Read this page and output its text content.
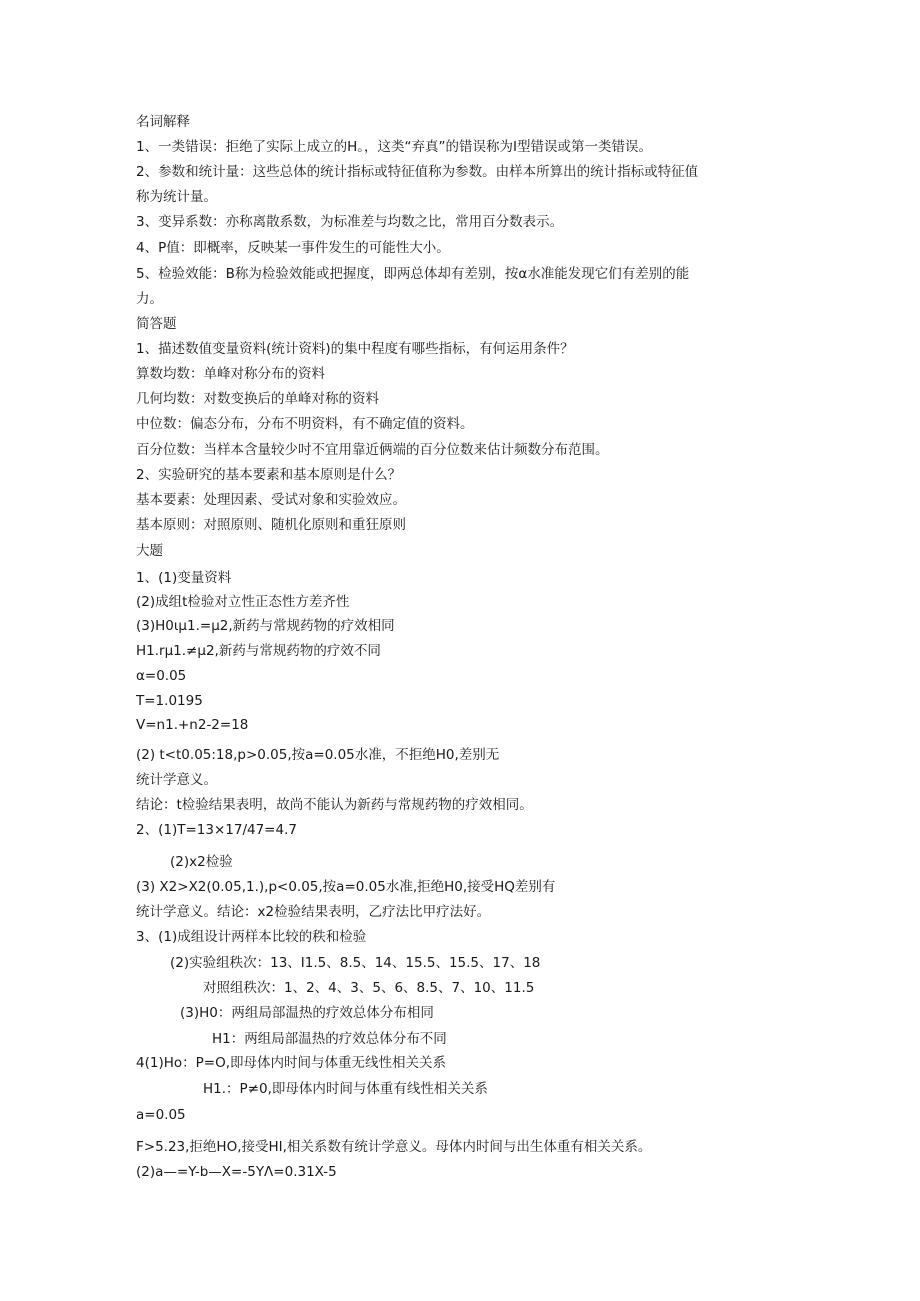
名词解释

1、一类错误：拒绝了实际上成立的H。，这类“弃真”的错误称为I型错误或第一类错误。

2、参数和统计量：这些总体的统计指标或特征值称为参数。由样本所算出的统计指标或特征值

称为统计量。

3、变异系数：亦称离散系数，为标准差与均数之比，常用百分数表示。

4、P值：即概率，反映某一事件发生的可能性大小。

5、检验效能：B称为检验效能或把握度，即两总体却有差别，按α水准能发现它们有差别的能

力。

简答题

1、描述数值变量资料(统计资料)的集中程度有哪些指标，有何运用条件？

算数均数：单峰对称分布的资料

几何均数：对数变换后的单峰对称的资料

中位数：偏态分布，分布不明资料，有不确定值的资料。

百分位数：当样本含量较少吋不宜用靠近俩端的百分位数来估计频数分布范围。

2、实验研究的基本要素和基本原则是什么？

基本要素：处理因素、受试对象和实验效应。

基本原则：对照原则、随机化原则和重狂原则

大题

1、(1)变量资料

(2)成组t检验对立性正态性方差齐性

(3)H0ιμ1.=μ2,新药与常规药物的疗效相同

H1.rμ1.≠μ2,新药与常规药物的疗效不同

α=0.05

T=1.0195

V=n1.+n2-2=18

(2) t<t0.05:18,p>0.05,按a=0.05水准，不拒绝H0,差别无

统计学意义。

结论：t检验结果表明，故尚不能认为新药与常规药物的疗效相同。

2、(1)T=13×17/47=4.7

(2)x2检验

(3) X2>X2(0.05,1.),p<0.05,按a=0.05水准,拒绝H0,接受HQ差别有

统计学意义。结论：x2检验结果表明，乙疗法比甲疗法好。

3、(1)成组设计两样本比较的秩和检验

(2)实验组秩次：13、I1.5、8.5、14、15.5、15.5、17、18

对照组秩次：1、2、4、3、5、6、8.5、7、10、11.5

(3)H0：两组局部温热的疗效总体分布相同

H1：两组局部温热的疗效总体分布不同

4(1)Ho：P=O,即母体内时间与体重无线性相关关系

H1.：P≠0,即母体内时间与体重有线性相关关系

a=0.05

F>5.23,拒绝HO,接受HI,相关系数有统计学意义。母体内时间与出生体重有相关关系。

(2)a—=Y-b—X=-5YΛ=0.31X-5
